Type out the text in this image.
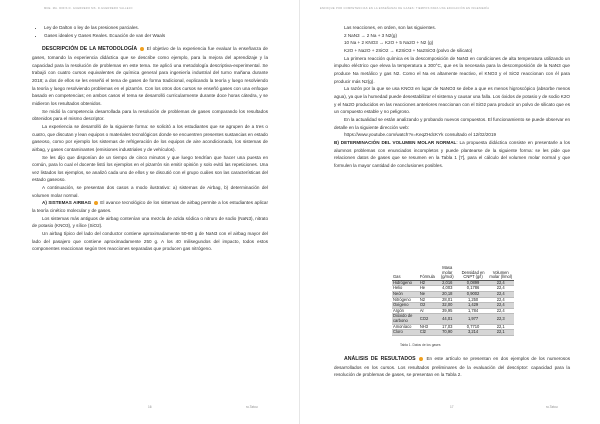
MDE. MA. DIRIS D. GUERRERO MS. D.GUERRERO VALLEJO
• Ley de Dalton o ley de las presiones parciales.
• Gases ideales y Gases Reales. Ecuación de van der Waals

DESCRIPCIÓN DE LA METODOLOGÍA El objetivo de la experiencia fue evaluar la enseñanza de gases, tomando la experiencia didáctica que se describe como ejemplo, para la mejora del aprendizaje y la capacidad para la resolución de problemas en este tema. Se aplicó una metodología descriptiva-experimental. Se trabajó con cuatro cursos equivalentes de química general para ingeniería industrial del turno mañana durante 2018; a dos de ellos se les enseñó el tema de gases de forma tradicional, explicando la teoría y luego resolviendo la teoría y luego resolviendo problemas en el pizarrón. Con los otros dos cursos se enseñó gases con una enfoque basado en competencias; en ambos casos el tema se desarrolló curricularmente durante doce horas cátedra, y se midieron los resultados obtenidos.

Se midió la competencia desarrollada para la resolución de problemas de gases comparando los resultados obtenidos para el mismo descriptor.

La experiencia se desarrolló de la siguiente forma: se solicitó a los estudiantes que se agrupen de a tres o cuatro, que discutan y lean equipos o materiales tecnológicos donde se encuentren presentes sustancias en estado gaseoso, como por ejemplo los sistemas de refrigeración de los equipos de aire acondicionado, los sistemas de airbag, y gases contaminantes (emisiones industriales y de vehículos).

Se les dijo que disponían de un tiempo de cinco minutos y que luego tendrían que hacer una puesta en común, para lo cual el docente listó los ejemplos en el pizarrón sin emitir opinión y solo evitó las repeticiones. Una vez listados los ejemplos, se analizó cada uno de ellos y se discutió con el grupo cuáles son las características del estado gaseoso.

A continuación, se presentan dos casos a modo ilustrativo: a) sistemas de Airbag, b) determinación del volumen molar normal.

A) SISTEMAS AIRBAG El avance tecnológico de los sistemas de airbag permite a los estudiantes aplicar la teoría cinético molecular y de gases.

Los sistemas más antiguos de airbag contenían una mezcla de azida sódica o nitruro de sodio (NaN3), nitrato de potasio (KNO3), y sílice (SiO2).

Un airbag típico del lado del conductor contiene aproximadamente 50-80 g de NaN3 con el airbag mayor del lado del pasajero que contiene aproximadamente 250 g. A los 40 milisegundos del impacto, todos estos componentes reaccionan según tres reacciones separadas que producen gas nitrógeno.

16	ru.Tatou
ENFOQUE POR COMPETENCIAS EN LA ENSEÑANZA DE GASES: TIEMPOS PARA UNA EDUCACIÓN EN INGENIERÍA

Las reacciones, en orden, son las siguientes.

2 NaN3 → 2 Na + 3 N2(g)

10 Na + 2 KNO3 → K2O + 5 Na2O + N2 (g)

K2O + Na2O + 2SiO2 → K2SiO3 + Na2SiO3 (polvo de silicato)

La primera reacción química es la descomposición de NaN3 en condiciones de alta temperatura utilizando un impulso eléctrico que eleva la temperatura a 300°C, que es la necesaria para la descomposición de la NaN3 que produce Na metálico y gas N2. Como el Na es altamente reactivo, el KNO3 y el SiO2 reaccionan con él para producir más N2(g).

La razón por la que se usa KNO3 en lugar de NaNO3 se debe a que es menos higroscópico (absorbe menos agua), ya que la humedad puede desestabilizar el sistema y causar una falla. Los óxidos de potasio y de sodio K2O y el Na2O producidos en las reacciones anteriores reaccionan con el SiO2 para producir un polvo de silicato que es un compuesto estable y no peligroso.

En la actualidad se están analizando y probando nuevos compuestos. El funcionamiento se puede observar en detalle en la siguiente dirección web:

https://www.youtube.com/watch?v=KeqZHdcKYk consultado el 12/02/2019

B) DETERMINACIÓN DEL VOLUMEN MOLAR NORMAL: La propuesta didáctica consiste en presentarle a los alumnos problemas con enunciados incompletos y puede plantearse de la siguiente forma: se les pide que relacionen datos de gases que se resumen en la Tabla 1 [7], para el cálculo del volumen molar normal y que formulen la mayor cantidad de conclusiones posibles.

Gas	Fórmula	Masa molar (g/mol)	Densidad en CNPT (g/l)	Volumen molar (l/mol)
Hidrógeno	H2	2,016	0,0899	22,4
Helio	He	4,003	0,1786	22,4
Neón	Ne	20,18	0,9002	22,4
Nitrógeno	N2	28,01	1,250	22,4
Oxígeno	O2	32,00	1,429	22,4
Argón	Ar	39,95	1,784	22,4
Dióxido de carbono	CO2	44,01	1,977	22,3
Amoníaco	NH3	17,03	0,7710	22,1
Cloro	Cl2	70,90	3,214	22,1
Tabla 1. Datos de los gases

ANÁLISIS DE RESULTADOS En este artículo se presentan en dos ejemplos de los numerosos desarrollados en los cursos. Los resultados preliminares de la evaluación del descriptor: capacidad para la resolución de problemas de gases, se presentan en la Tabla 2.

17	ru.Tatou
